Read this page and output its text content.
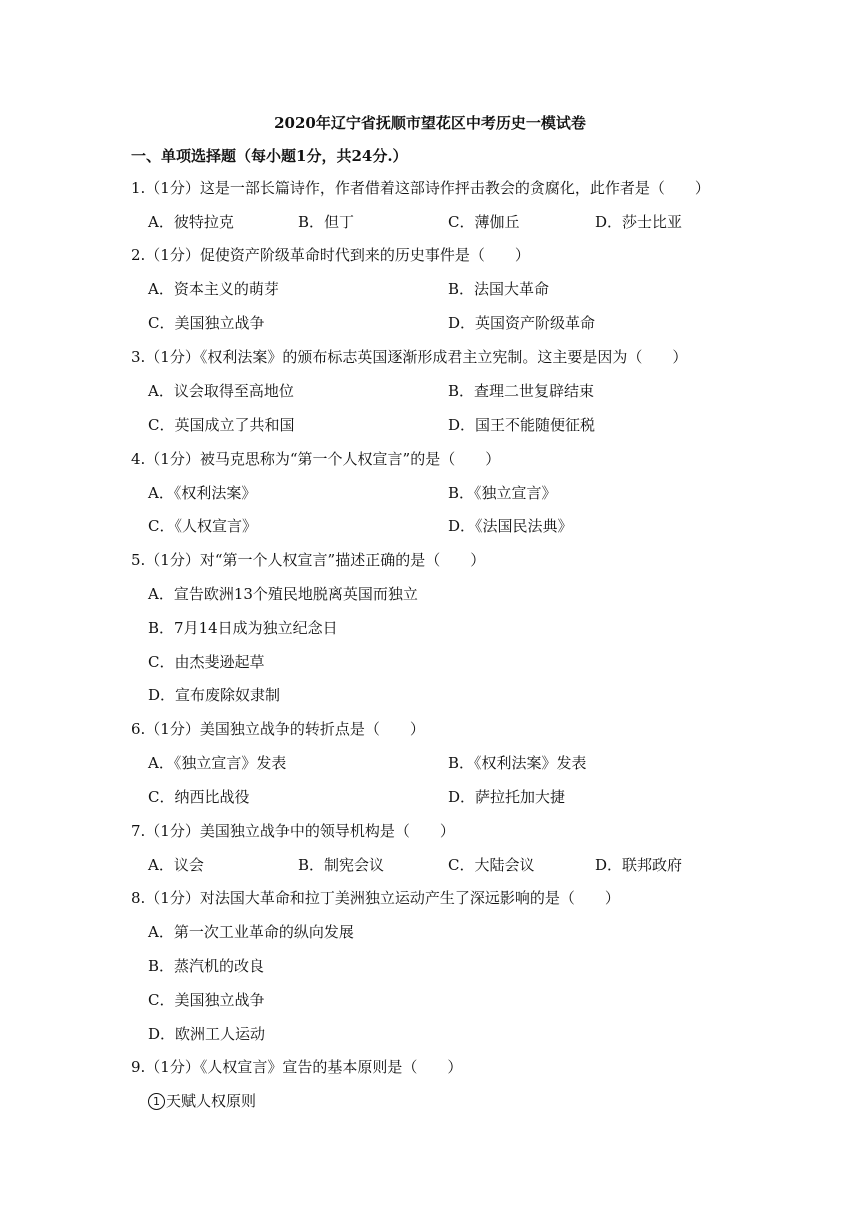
2020年辽宁省抚顺市望花区中考历史一模试卷
一、单项选择题（每小题1分，共24分.）
1.（1分）这是一部长篇诗作，作者借着这部诗作抨击教会的贪腐化，此作者是（　　）
A．彼特拉克	B．但丁	C．薄伽丘	D．莎士比亚
2.（1分）促使资产阶级革命时代到来的历史事件是（　　）
A．资本主义的萌芽	B．法国大革命
C．美国独立战争	D．英国资产阶级革命
3.（1分）《权利法案》的颁布标志英国逐渐形成君主立宪制。这主要是因为（　　）
A．议会取得至高地位	B．查理二世复辟结束
C．英国成立了共和国	D．国王不能随便征税
4.（1分）被马克思称为“第一个人权宣言”的是（　　）
A．《权利法案》	B．《独立宣言》
C．《人权宣言》	D．《法国民法典》
5.（1分）对“第一个人权宣言”描述正确的是（　　）
A．宣告欧洲13个殖民地脱离英国而独立
B．7月14日成为独立纪念日
C．由杰斐逊起草
D．宣布废除奴隶制
6.（1分）美国独立战争的转折点是（　　）
A．《独立宣言》发表	B．《权利法案》发表
C．纳西比战役	D．萨拉托加大捷
7.（1分）美国独立战争中的领导机构是（　　）
A．议会	B．制宪会议	C．大陆会议	D．联邦政府
8.（1分）对法国大革命和拉丁美洲独立运动产生了深远影响的是（　　）
A．第一次工业革命的纵向发展
B．蒸汽机的改良
C．美国独立战争
D．欧洲工人运动
9.（1分）《人权宣言》宣告的基本原则是（　　）
1 天赋人权原则
